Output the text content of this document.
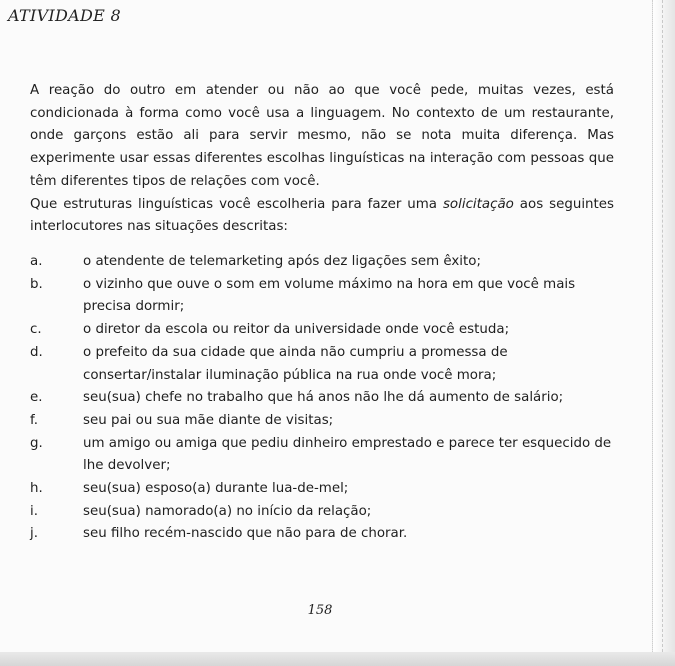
ATIVIDADE 8

A reação do outro em atender ou não ao que você pede, muitas vezes, está condicionada à forma como você usa a linguagem. No contexto de um restaurante, onde garçons estão ali para servir mesmo, não se nota muita diferença. Mas experimente usar essas diferentes escolhas linguísticas na interação com pessoas que têm diferentes tipos de relações com você.

Que estruturas linguísticas você escolheria para fazer uma solicitação aos seguintes interlocutores nas situações descritas:

a.	o atendente de telemarketing após dez ligações sem êxito;
b.	o vizinho que ouve o som em volume máximo na hora em que você mais precisa dormir;
c.	o diretor da escola ou reitor da universidade onde você estuda;
d.	o prefeito da sua cidade que ainda não cumpriu a promessa de consertar/instalar iluminação pública na rua onde você mora;
e.	seu(sua) chefe no trabalho que há anos não lhe dá aumento de salário;
f.	seu pai ou sua mãe diante de visitas;
g.	um amigo ou amiga que pediu dinheiro emprestado e parece ter esquecido de lhe devolver;
h.	seu(sua) esposo(a) durante lua-de-mel;
i.	seu(sua) namorado(a) no início da relação;
j.	seu filho recém-nascido que não para de chorar.
158
